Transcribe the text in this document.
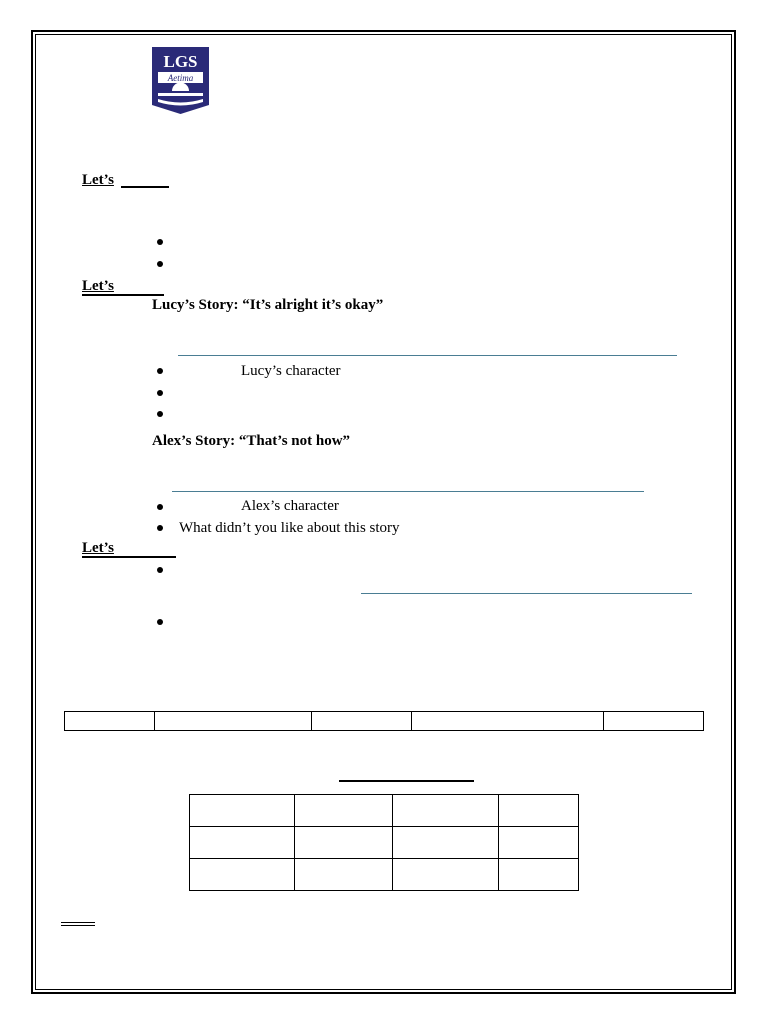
LGS
Aetima
Let’s
Let’s
Lucy’s Story: “It’s alright it’s okay”
Lucy’s character
Alex’s Story: “That’s not how”
Alex’s character
What didn’t you like about this story
Let’s
